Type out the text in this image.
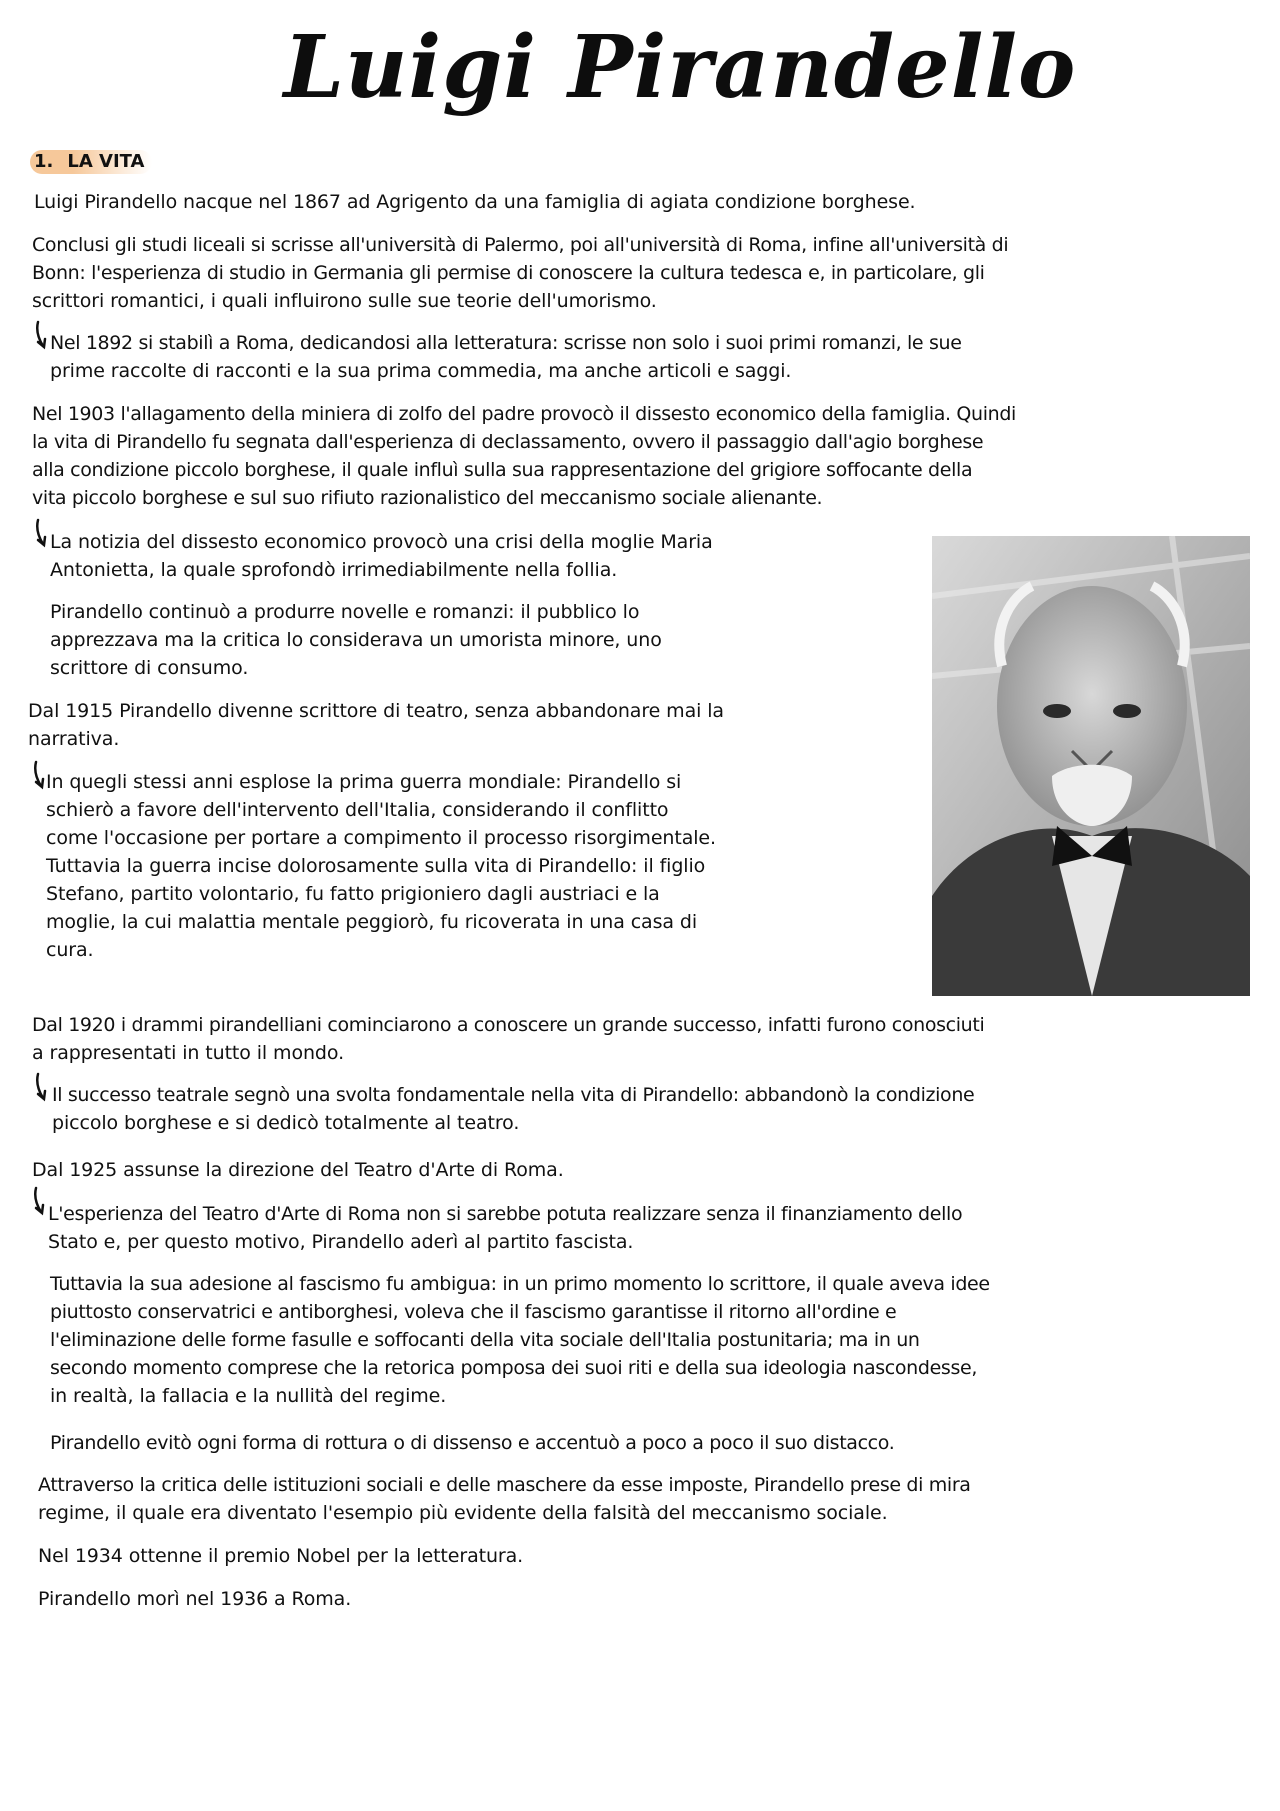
Luigi Pirandello
1. LA VITA

Luigi Pirandello nacque nel 1867 ad Agrigento da una famiglia di agiata condizione borghese.

Conclusi gli studi liceali si scrisse all'università di Palermo, poi all'università di Roma, infine all'università di

Bonn: l'esperienza di studio in Germania gli permise di conoscere la cultura tedesca e, in particolare, gli

scrittori romantici, i quali influirono sulle sue teorie dell'umorismo.

Nel 1892 si stabilì a Roma, dedicandosi alla letteratura: scrisse non solo i suoi primi romanzi, le sue

prime raccolte di racconti e la sua prima commedia, ma anche articoli e saggi.

Nel 1903 l'allagamento della miniera di zolfo del padre provocò il dissesto economico della famiglia. Quindi

la vita di Pirandello fu segnata dall'esperienza di declassamento, ovvero il passaggio dall'agio borghese

alla condizione piccolo borghese, il quale influì sulla sua rappresentazione del grigiore soffocante della

vita piccolo borghese e sul suo rifiuto razionalistico del meccanismo sociale alienante.

La notizia del dissesto economico provocò una crisi della moglie Maria

Antonietta, la quale sprofondò irrimediabilmente nella follia.

Pirandello continuò a produrre novelle e romanzi: il pubblico lo

apprezzava ma la critica lo considerava un umorista minore, uno

scrittore di consumo.

Dal 1915 Pirandello divenne scrittore di teatro, senza abbandonare mai la

narrativa.

In quegli stessi anni esplose la prima guerra mondiale: Pirandello si

schierò a favore dell'intervento dell'Italia, considerando il conflitto

come l'occasione per portare a compimento il processo risorgimentale.

Tuttavia la guerra incise dolorosamente sulla vita di Pirandello: il figlio

Stefano, partito volontario, fu fatto prigioniero dagli austriaci e la

moglie, la cui malattia mentale peggiorò, fu ricoverata in una casa di

cura.

Dal 1920 i drammi pirandelliani cominciarono a conoscere un grande successo, infatti furono conosciuti

a rappresentati in tutto il mondo.

Il successo teatrale segnò una svolta fondamentale nella vita di Pirandello: abbandonò la condizione

piccolo borghese e si dedicò totalmente al teatro.

Dal 1925 assunse la direzione del Teatro d'Arte di Roma.

L'esperienza del Teatro d'Arte di Roma non si sarebbe potuta realizzare senza il finanziamento dello

Stato e, per questo motivo, Pirandello aderì al partito fascista.

Tuttavia la sua adesione al fascismo fu ambigua: in un primo momento lo scrittore, il quale aveva idee

piuttosto conservatrici e antiborghesi, voleva che il fascismo garantisse il ritorno all'ordine e

l'eliminazione delle forme fasulle e soffocanti della vita sociale dell'Italia postunitaria; ma in un

secondo momento comprese che la retorica pomposa dei suoi riti e della sua ideologia nascondesse,

in realtà, la fallacia e la nullità del regime.

Pirandello evitò ogni forma di rottura o di dissenso e accentuò a poco a poco il suo distacco.

Attraverso la critica delle istituzioni sociali e delle maschere da esse imposte, Pirandello prese di mira

regime, il quale era diventato l'esempio più evidente della falsità del meccanismo sociale.

Nel 1934 ottenne il premio Nobel per la letteratura.

Pirandello morì nel 1936 a Roma.
